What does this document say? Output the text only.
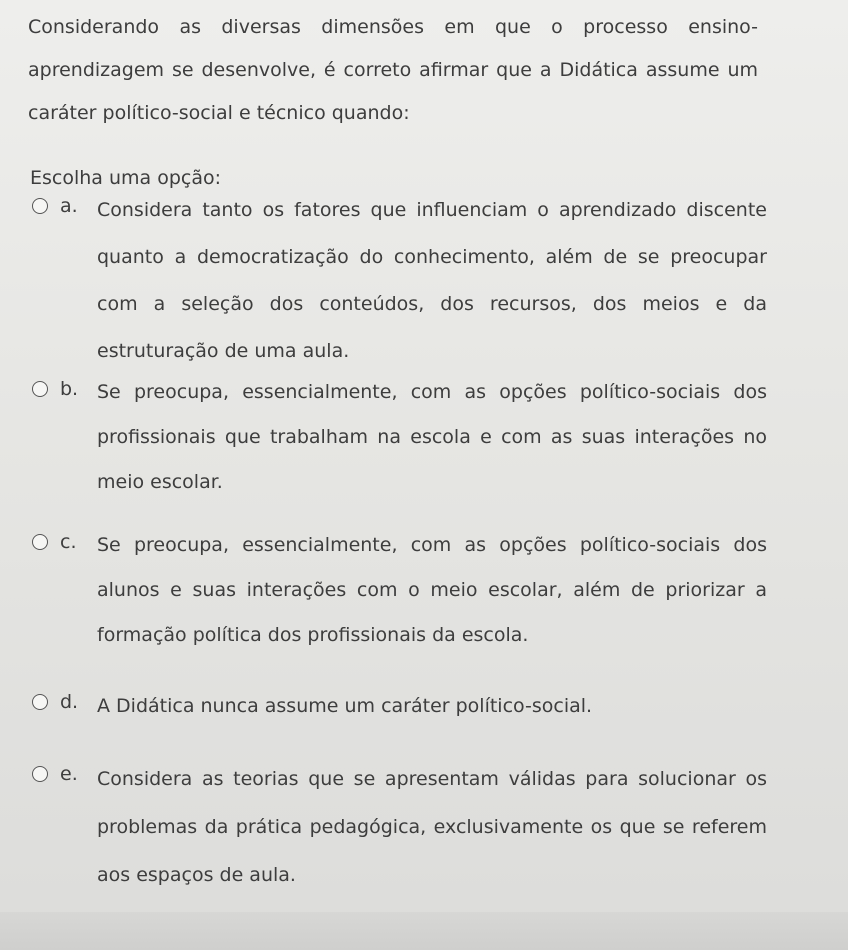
Considerando as diversas dimensões em que o processo ensino-aprendizagem se desenvolve, é correto afirmar que a Didática assume um caráter político-social e técnico quando:

Escolha uma opção:

a. Considera tanto os fatores que influenciam o aprendizado discente quanto a democratização do conhecimento, além de se preocupar com a seleção dos conteúdos, dos recursos, dos meios e da estruturação de uma aula.

b. Se preocupa, essencialmente, com as opções político-sociais dos profissionais que trabalham na escola e com as suas interações no meio escolar.

c. Se preocupa, essencialmente, com as opções político-sociais dos alunos e suas interações com o meio escolar, além de priorizar a formação política dos profissionais da escola.

d. A Didática nunca assume um caráter político-social.

e. Considera as teorias que se apresentam válidas para solucionar os problemas da prática pedagógica, exclusivamente os que se referem aos espaços de aula.
